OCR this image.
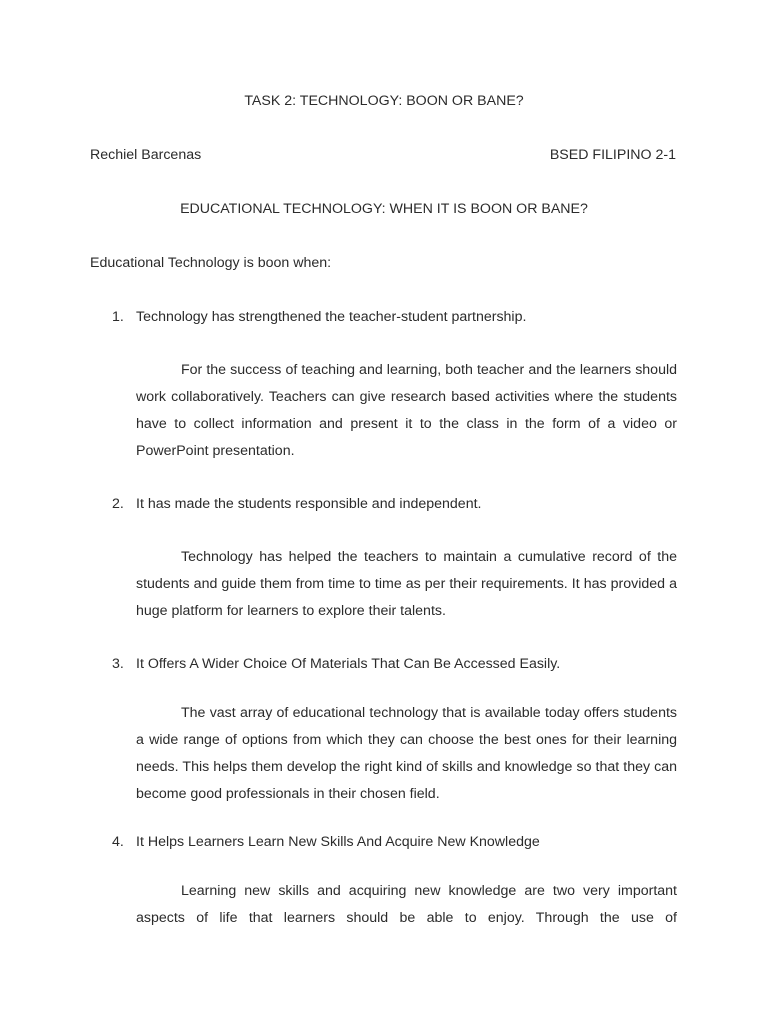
TASK 2: TECHNOLOGY: BOON OR BANE?
Rechiel Barcenas	BSED FILIPINO 2-1
EDUCATIONAL TECHNOLOGY: WHEN IT IS BOON OR BANE?
Educational Technology is boon when:
1. Technology has strengthened the teacher-student partnership.
For the success of teaching and learning, both teacher and the learners should work collaboratively. Teachers can give research based activities where the students have to collect information and present it to the class in the form of a video or PowerPoint presentation.
2. It has made the students responsible and independent.
Technology has helped the teachers to maintain a cumulative record of the students and guide them from time to time as per their requirements. It has provided a huge platform for learners to explore their talents.
3. It Offers A Wider Choice Of Materials That Can Be Accessed Easily.
The vast array of educational technology that is available today offers students a wide range of options from which they can choose the best ones for their learning needs. This helps them develop the right kind of skills and knowledge so that they can become good professionals in their chosen field.
4. It Helps Learners Learn New Skills And Acquire New Knowledge
Learning new skills and acquiring new knowledge are two very important aspects of life that learners should be able to enjoy. Through the use of
